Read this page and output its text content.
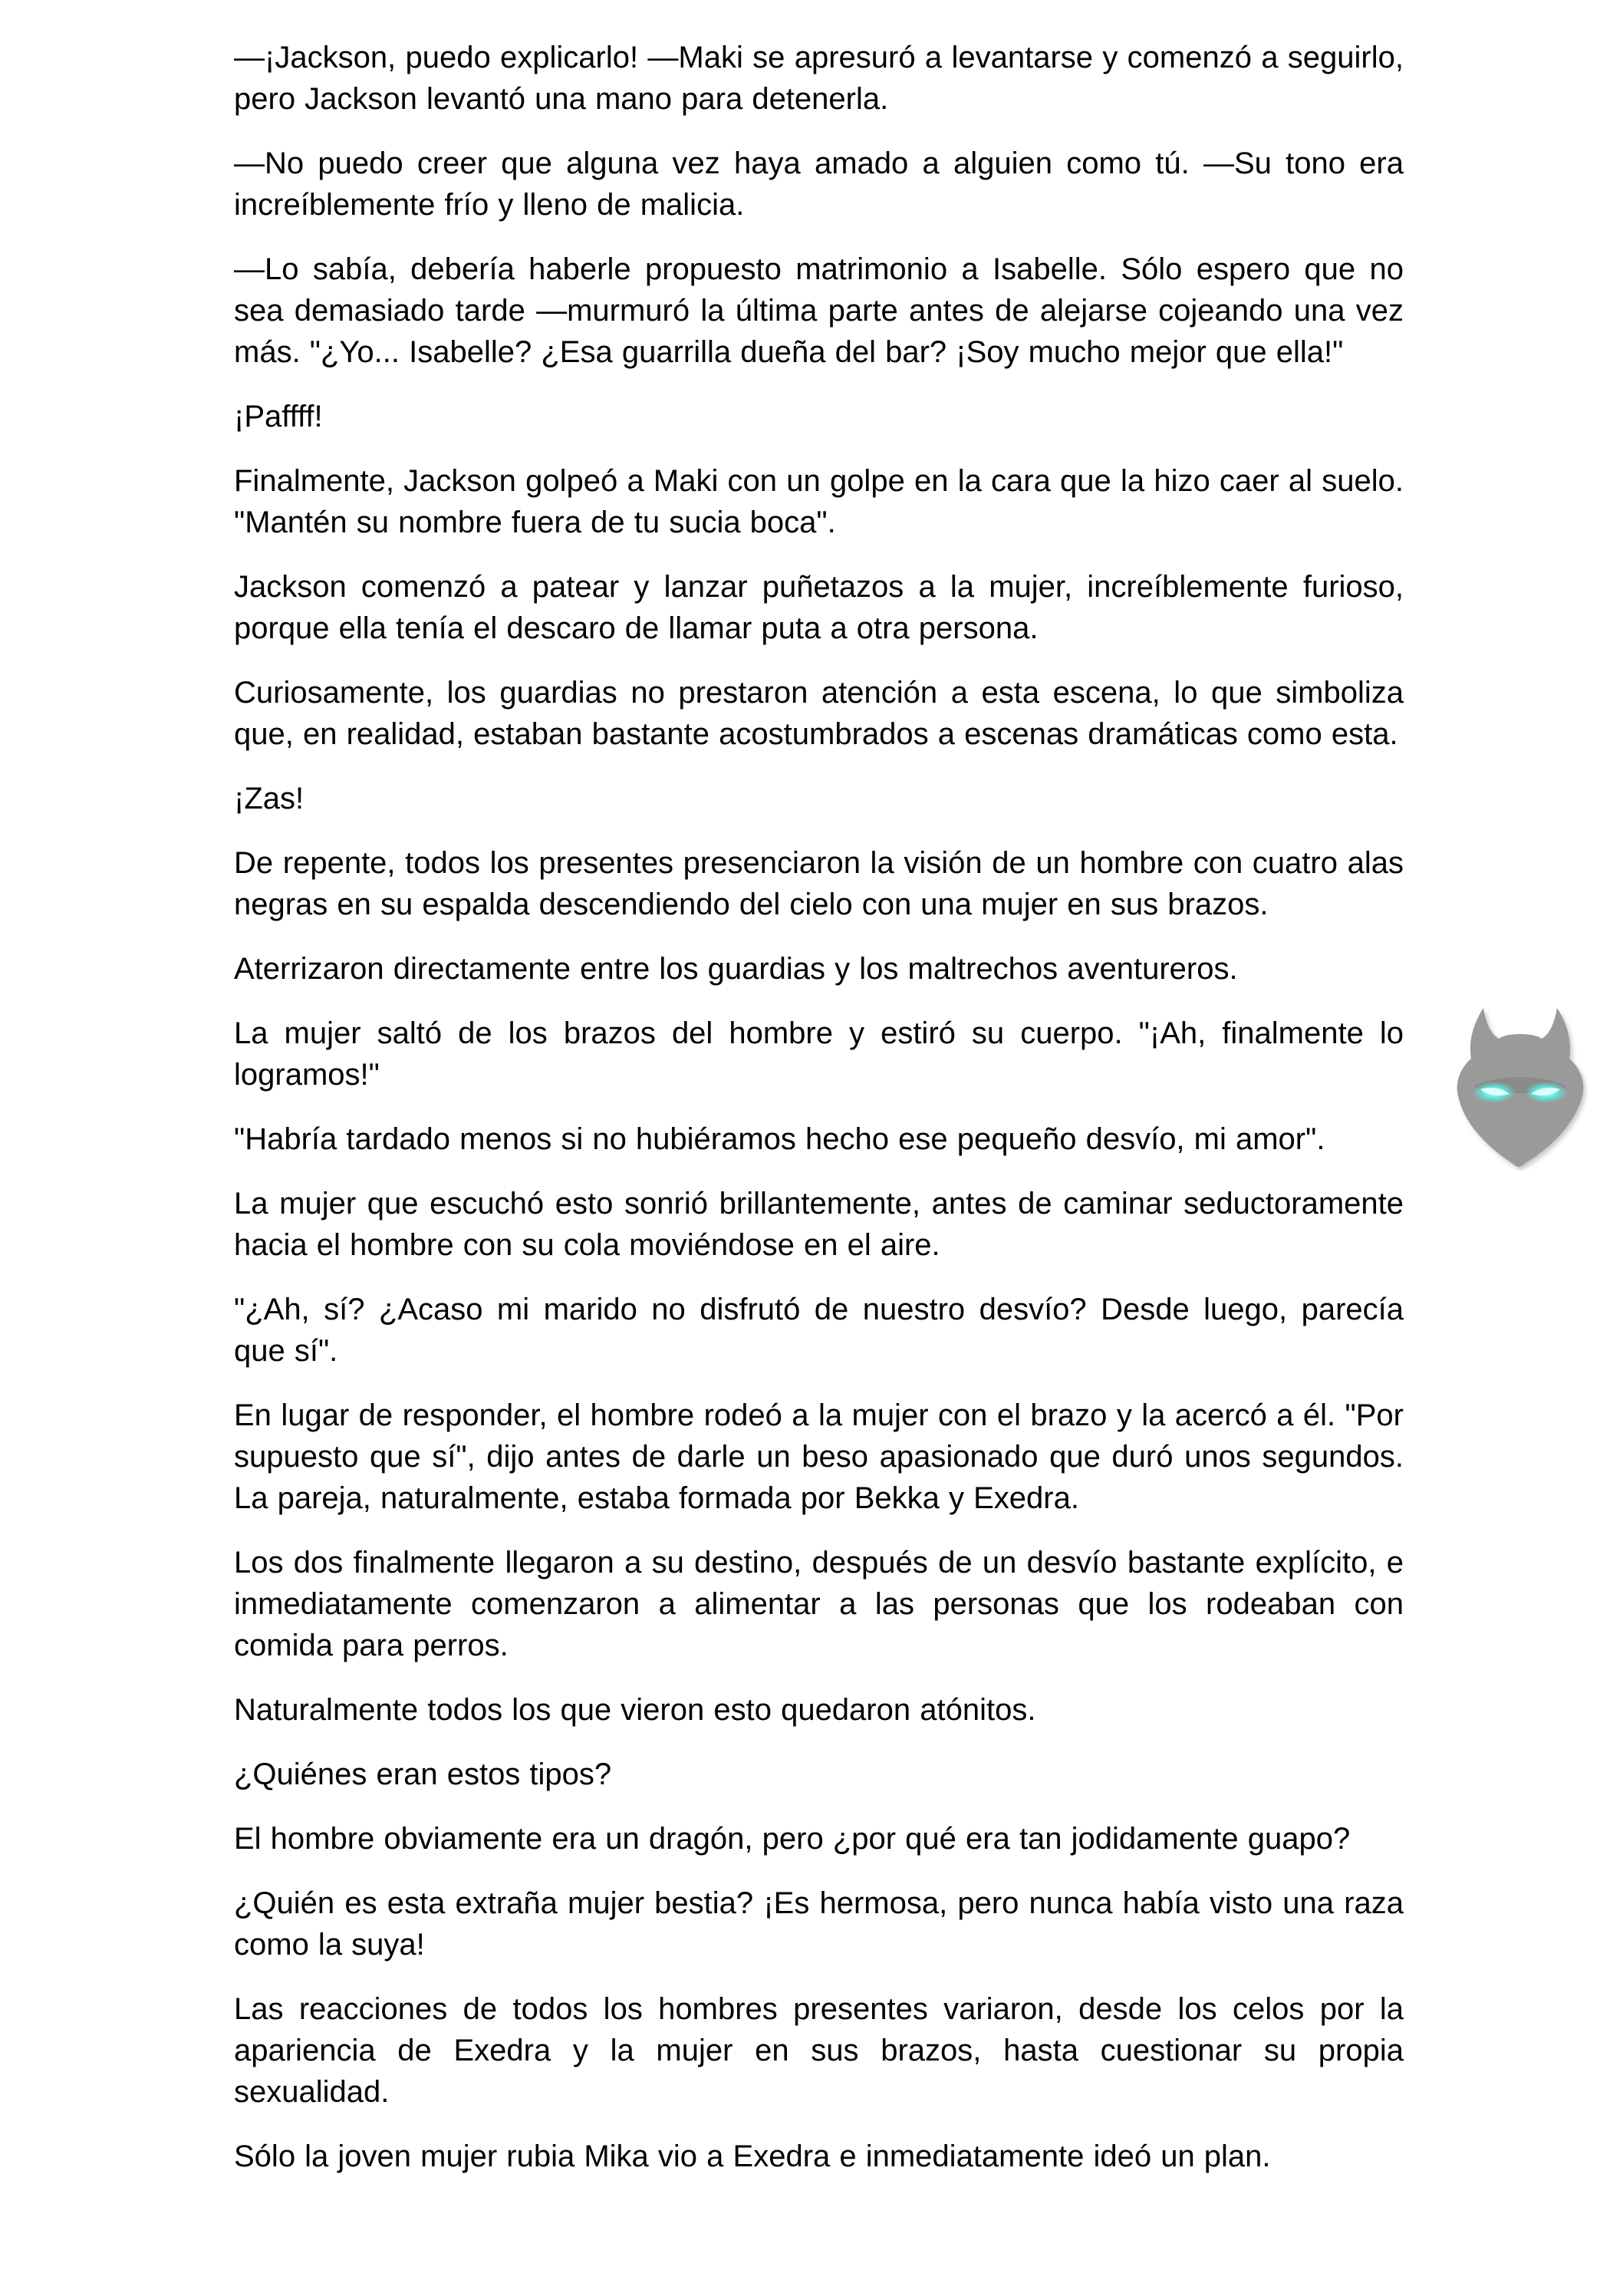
—¡Jackson, puedo explicarlo! —Maki se apresuró a levantarse y comenzó a seguirlo, pero Jackson levantó una mano para detenerla.

—No puedo creer que alguna vez haya amado a alguien como tú. —Su tono era increíblemente frío y lleno de malicia.

—Lo sabía, debería haberle propuesto matrimonio a Isabelle. Sólo espero que no sea demasiado tarde —murmuró la última parte antes de alejarse cojeando una vez más. "¿Yo... Isabelle? ¿Esa guarrilla dueña del bar? ¡Soy mucho mejor que ella!"

¡Paffff!

Finalmente, Jackson golpeó a Maki con un golpe en la cara que la hizo caer al suelo. "Mantén su nombre fuera de tu sucia boca".

Jackson comenzó a patear y lanzar puñetazos a la mujer, increíblemente furioso, porque ella tenía el descaro de llamar puta a otra persona.

Curiosamente, los guardias no prestaron atención a esta escena, lo que simboliza que, en realidad, estaban bastante acostumbrados a escenas dramáticas como esta.

¡Zas!

De repente, todos los presentes presenciaron la visión de un hombre con cuatro alas negras en su espalda descendiendo del cielo con una mujer en sus brazos.

Aterrizaron directamente entre los guardias y los maltrechos aventureros.

La mujer saltó de los brazos del hombre y estiró su cuerpo. "¡Ah, finalmente lo logramos!"

"Habría tardado menos si no hubiéramos hecho ese pequeño desvío, mi amor".

La mujer que escuchó esto sonrió brillantemente, antes de caminar seductoramente hacia el hombre con su cola moviéndose en el aire.

"¿Ah, sí? ¿Acaso mi marido no disfrutó de nuestro desvío? Desde luego, parecía que sí".

En lugar de responder, el hombre rodeó a la mujer con el brazo y la acercó a él. "Por supuesto que sí", dijo antes de darle un beso apasionado que duró unos segundos. La pareja, naturalmente, estaba formada por Bekka y Exedra.

Los dos finalmente llegaron a su destino, después de un desvío bastante explícito, e inmediatamente comenzaron a alimentar a las personas que los rodeaban con comida para perros.

Naturalmente todos los que vieron esto quedaron atónitos.

¿Quiénes eran estos tipos?

El hombre obviamente era un dragón, pero ¿por qué era tan jodidamente guapo?

¿Quién es esta extraña mujer bestia? ¡Es hermosa, pero nunca había visto una raza como la suya!

Las reacciones de todos los hombres presentes variaron, desde los celos por la apariencia de Exedra y la mujer en sus brazos, hasta cuestionar su propia sexualidad.

Sólo la joven mujer rubia Mika vio a Exedra e inmediatamente ideó un plan.
